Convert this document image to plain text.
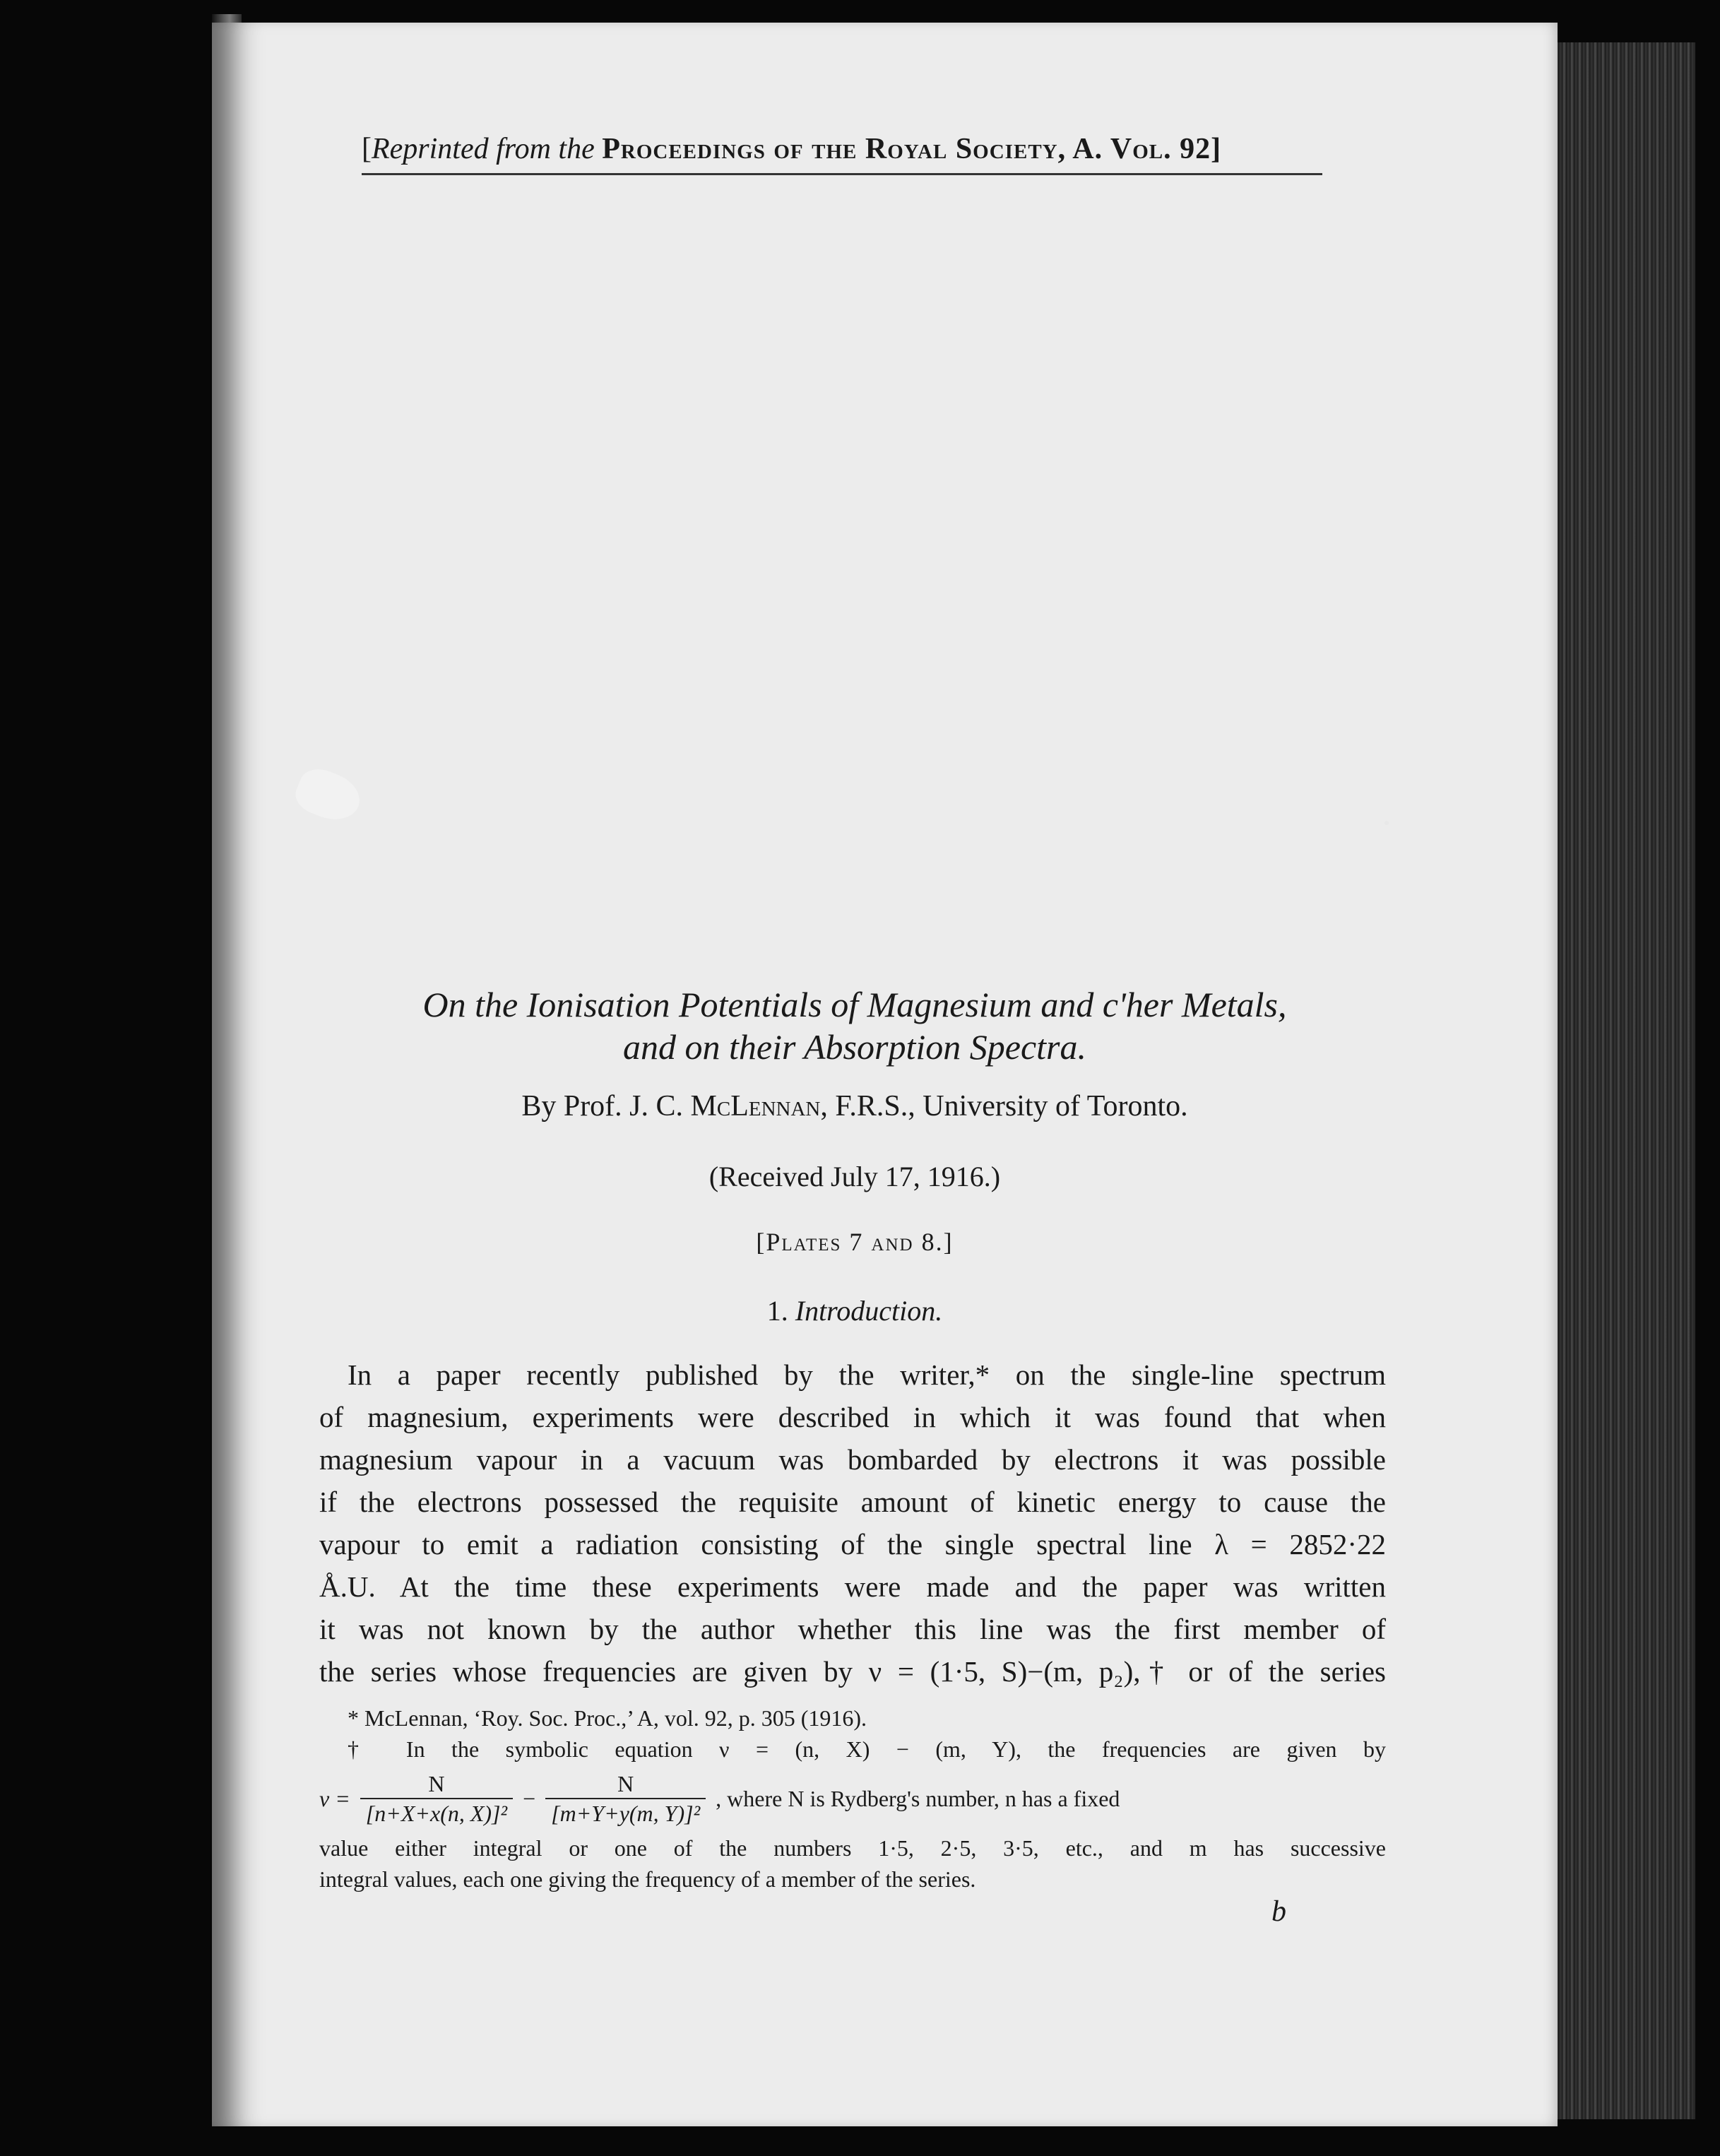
[Reprinted from the Proceedings of the Royal Society, A. Vol. 92]
On the Ionisation Potentials of Magnesium and c'her Metals,
and on their Absorption Spectra.
By Prof. J. C. McLennan, F.R.S., University of Toronto.
(Received July 17, 1916.)
[Plates 7 and 8.]
1. Introduction.
In a paper recently published by the writer,* on the single-line spectrum
of magnesium, experiments were described in which it was found that when
magnesium vapour in a vacuum was bombarded by electrons it was possible
if the electrons possessed the requisite amount of kinetic energy to cause the
vapour to emit a radiation consisting of the single spectral line λ = 2852·22
Å.U. At the time these experiments were made and the paper was written
it was not known by the author whether this line was the first member of
the series whose frequencies are given by ν = (1·5, S)−(m, p₂),† or of the series
* McLennan, ‘Roy. Soc. Proc.,’ A, vol. 92, p. 305 (1916).
† In the symbolic equation ν = (n, X) − (m, Y), the frequencies are given by
$\nu = \frac{N}{\text{[n+X+x(n, X)]²}} - \frac{N}{\text{[m+Y+y(m, Y)]²}}$ , where N is Rydberg's number, n has a fixed
value either integral or one of the numbers 1·5, 2·5, 3·5, etc., and m has successive
integral values, each one giving the frequency of a member of the series.
b
